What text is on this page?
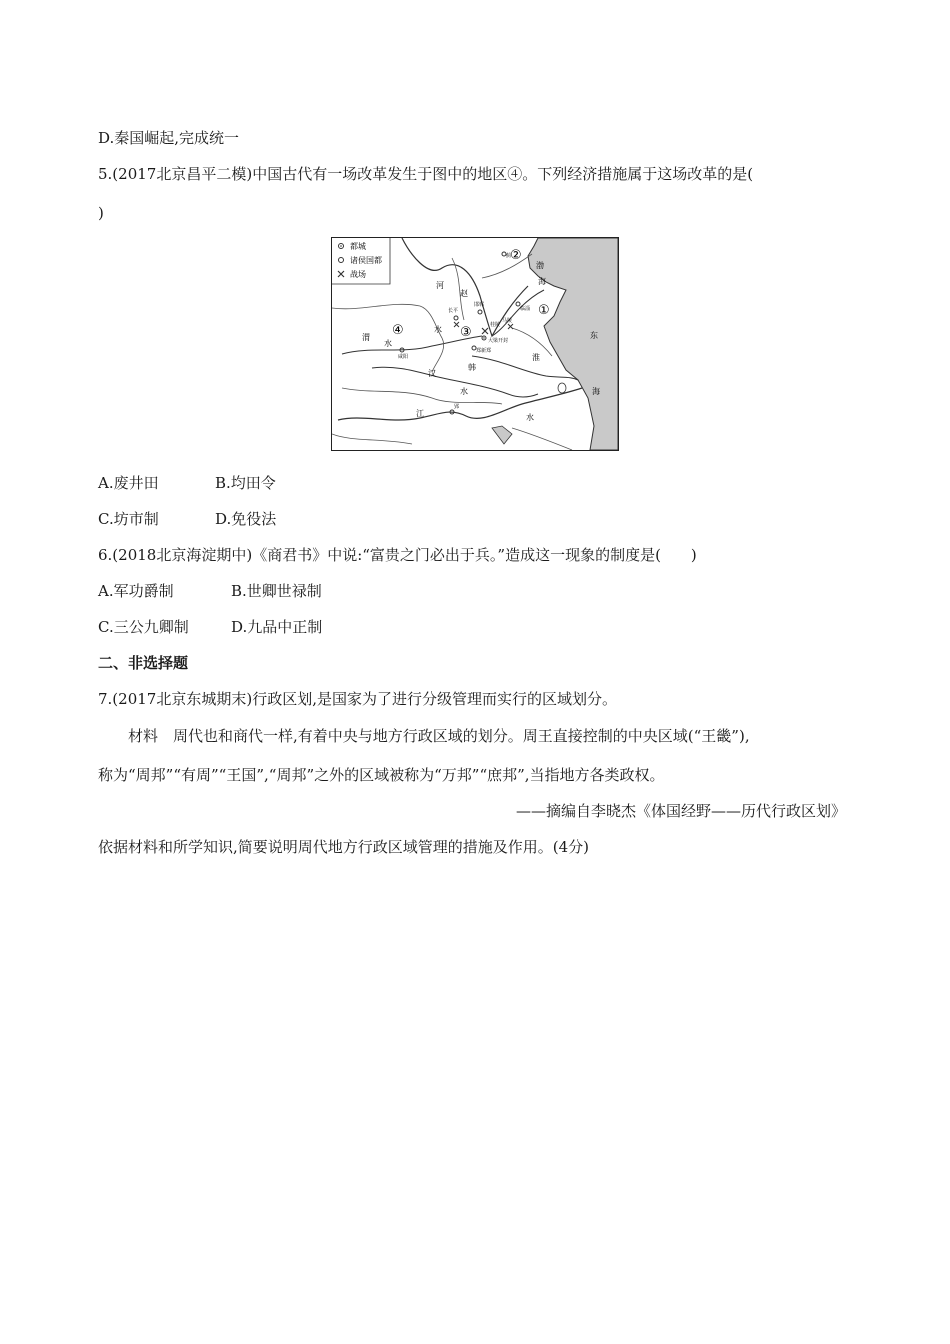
D.秦国崛起,完成统一
5.(2017北京昌平二模)中国古代有一场改革发生于图中的地区④。下列经济措施属于这场改革的是(
)
都城
诸侯国都
战场
①
②
③
④
渤
海
东
海
河
水
渭
水
汉
水
淮
江	水
赵
韩
长平
邯郸
大梁 开封
桂陵
咸阳
郑新郑
临淄
蓟
郢
马陵
A.废井田	B.均田令
C.坊市制	D.免役法
6.(2018北京海淀期中)《商君书》中说:“富贵之门必出于兵。”造成这一现象的制度是(　　)
A.军功爵制	B.世卿世禄制
C.三公九卿制	D.九品中正制
二、非选择题
7.(2017北京东城期末)行政区划,是国家为了进行分级管理而实行的区域划分。
材料　周代也和商代一样,有着中央与地方行政区域的划分。周王直接控制的中央区域(“王畿”),
称为“周邦”“有周”“王国”,“周邦”之外的区域被称为“万邦”“庶邦”,当指地方各类政权。
——摘编自李晓杰《体国经野——历代行政区划》
依据材料和所学知识,简要说明周代地方行政区域管理的措施及作用。(4分)
